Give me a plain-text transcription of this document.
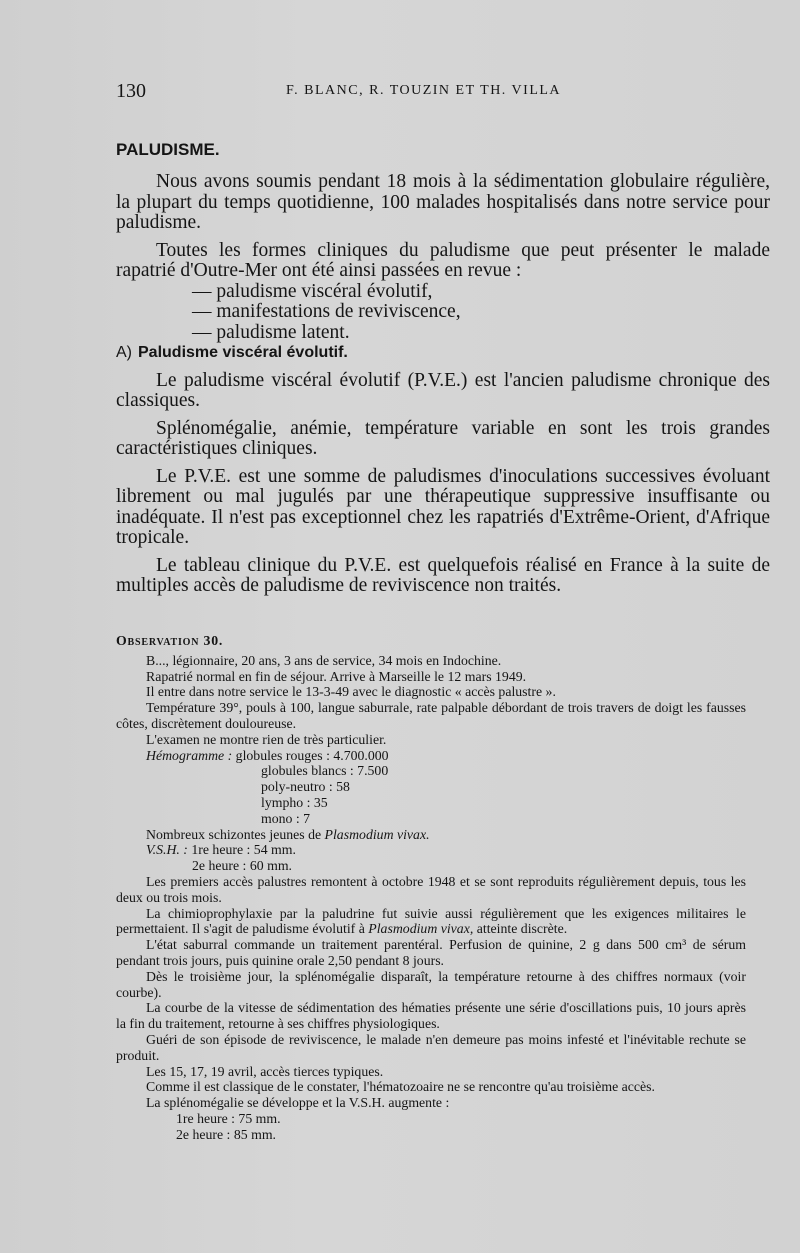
130	F. BLANC, R. TOUZIN ET TH. VILLA
PALUDISME.

Nous avons soumis pendant 18 mois à la sédimentation globulaire régulière, la plupart du temps quotidienne, 100 malades hospitalisés dans notre service pour paludisme.

Toutes les formes cliniques du paludisme que peut présenter le malade rapatrié d'Outre-Mer ont été ainsi passées en revue :

— paludisme viscéral évolutif,
— manifestations de reviviscence,
— paludisme latent.

A) Paludisme viscéral évolutif.

Le paludisme viscéral évolutif (P.V.E.) est l'ancien paludisme chronique des classiques.

Splénomégalie, anémie, température variable en sont les trois grandes caractéristiques cliniques.

Le P.V.E. est une somme de paludismes d'inoculations successives évoluant librement ou mal jugulés par une thérapeutique suppressive insuffisante ou inadéquate. Il n'est pas exceptionnel chez les rapatriés d'Extrême-Orient, d'Afrique tropicale.

Le tableau clinique du P.V.E. est quelquefois réalisé en France à la suite de multiples accès de paludisme de reviviscence non traités.

Observation 30.

B..., légionnaire, 20 ans, 3 ans de service, 34 mois en Indochine.

Rapatrié normal en fin de séjour. Arrive à Marseille le 12 mars 1949.

Il entre dans notre service le 13-3-49 avec le diagnostic « accès palustre ».

Température 39°, pouls à 100, langue saburrale, rate palpable débordant de trois travers de doigt les fausses côtes, discrètement douloureuse.

L'examen ne montre rien de très particulier.

Hémogramme : globules rouges : 4.700.000
globules blancs : 7.500
poly-neutro : 58
lympho : 35
mono : 7
Nombreux schizontes jeunes de Plasmodium vivax.
V.S.H. : 1re heure : 54 mm.
2e heure : 60 mm.

Les premiers accès palustres remontent à octobre 1948 et se sont reproduits régulièrement depuis, tous les deux ou trois mois.

La chimioprophylaxie par la paludrine fut suivie aussi régulièrement que les exigences militaires le permettaient. Il s'agit de paludisme évolutif à Plasmodium vivax, atteinte discrète.

L'état saburral commande un traitement parentéral. Perfusion de quinine, 2 g dans 500 cm³ de sérum pendant trois jours, puis quinine orale 2,50 pendant 8 jours.

Dès le troisième jour, la splénomégalie disparaît, la température retourne à des chiffres normaux (voir courbe).

La courbe de la vitesse de sédimentation des hématies présente une série d'oscillations puis, 10 jours après la fin du traitement, retourne à ses chiffres physiologiques.

Guéri de son épisode de reviviscence, le malade n'en demeure pas moins infesté et l'inévitable rechute se produit.

Les 15, 17, 19 avril, accès tierces typiques.

Comme il est classique de le constater, l'hématozoaire ne se rencontre qu'au troisième accès.

La splénomégalie se développe et la V.S.H. augmente :

1re heure : 75 mm.
2e heure : 85 mm.
